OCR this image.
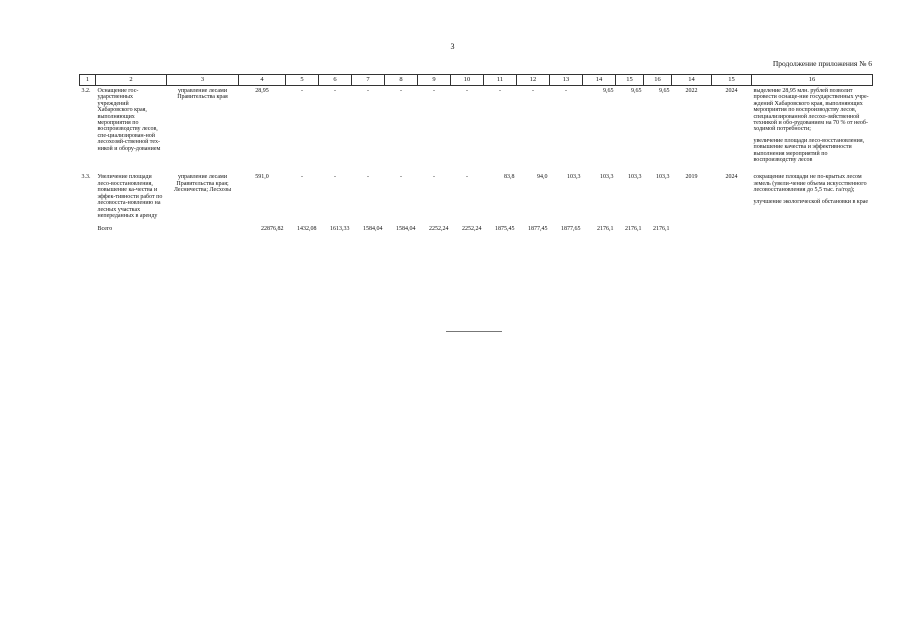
3
Продолжение приложения № 6
1	2	3	4	5	6	7	8	9	10	11	12	13	14	15	16	14	15	16
3.2.	Оснащение гос-ударственных учреждений Хабаровского края, выполняющих мероприятия по воспроизводству лесов, спе-циализирован-ной лесохозяй-ственной тех-никой и обору-дованием	управление лесами Правительства края	28,95	-	-	-	-	-	-	-	-	-	9,65	9,65	9,65	2022	2024	выделение 28,95 млн. рублей позволит провести оснаще-ние государственных учре-ждений Хабаровского края, выполняющих мероприятия по воспроизводству лесов, специализированной лесохо-зяйственной техникой и обо-рудованием на 70 % от необ-ходимой потребности;

увеличение площади лесо-восстановления, повышение качества и эффективности выполнения мероприятий по воспроизводству лесов

3.3.	Увеличение площади лесо-восстановления, повышение ка-чества и эффек-тивности работ по лесовосста-новлению на лесных участках непереданных в аренду	управление лесами Правительства края; Лесничества; Лесхозы	591,0	-	-	-	-	-	-	83,8	94,0	103,3	103,3	103,3	103,3	2019	2024	сокращение площади не по-крытых лесом земель (увели-чение объема искусственного лесовосстановления до 5,5 тыс. га/год);

улучшение экологической обстановки в крае

	Всего		22876,82	1432,08	1613,33	1584,04	1584,04	2252,24	2252,24	1875,45	1877,45	1877,65	2176,1	2176,1	2176,1			
